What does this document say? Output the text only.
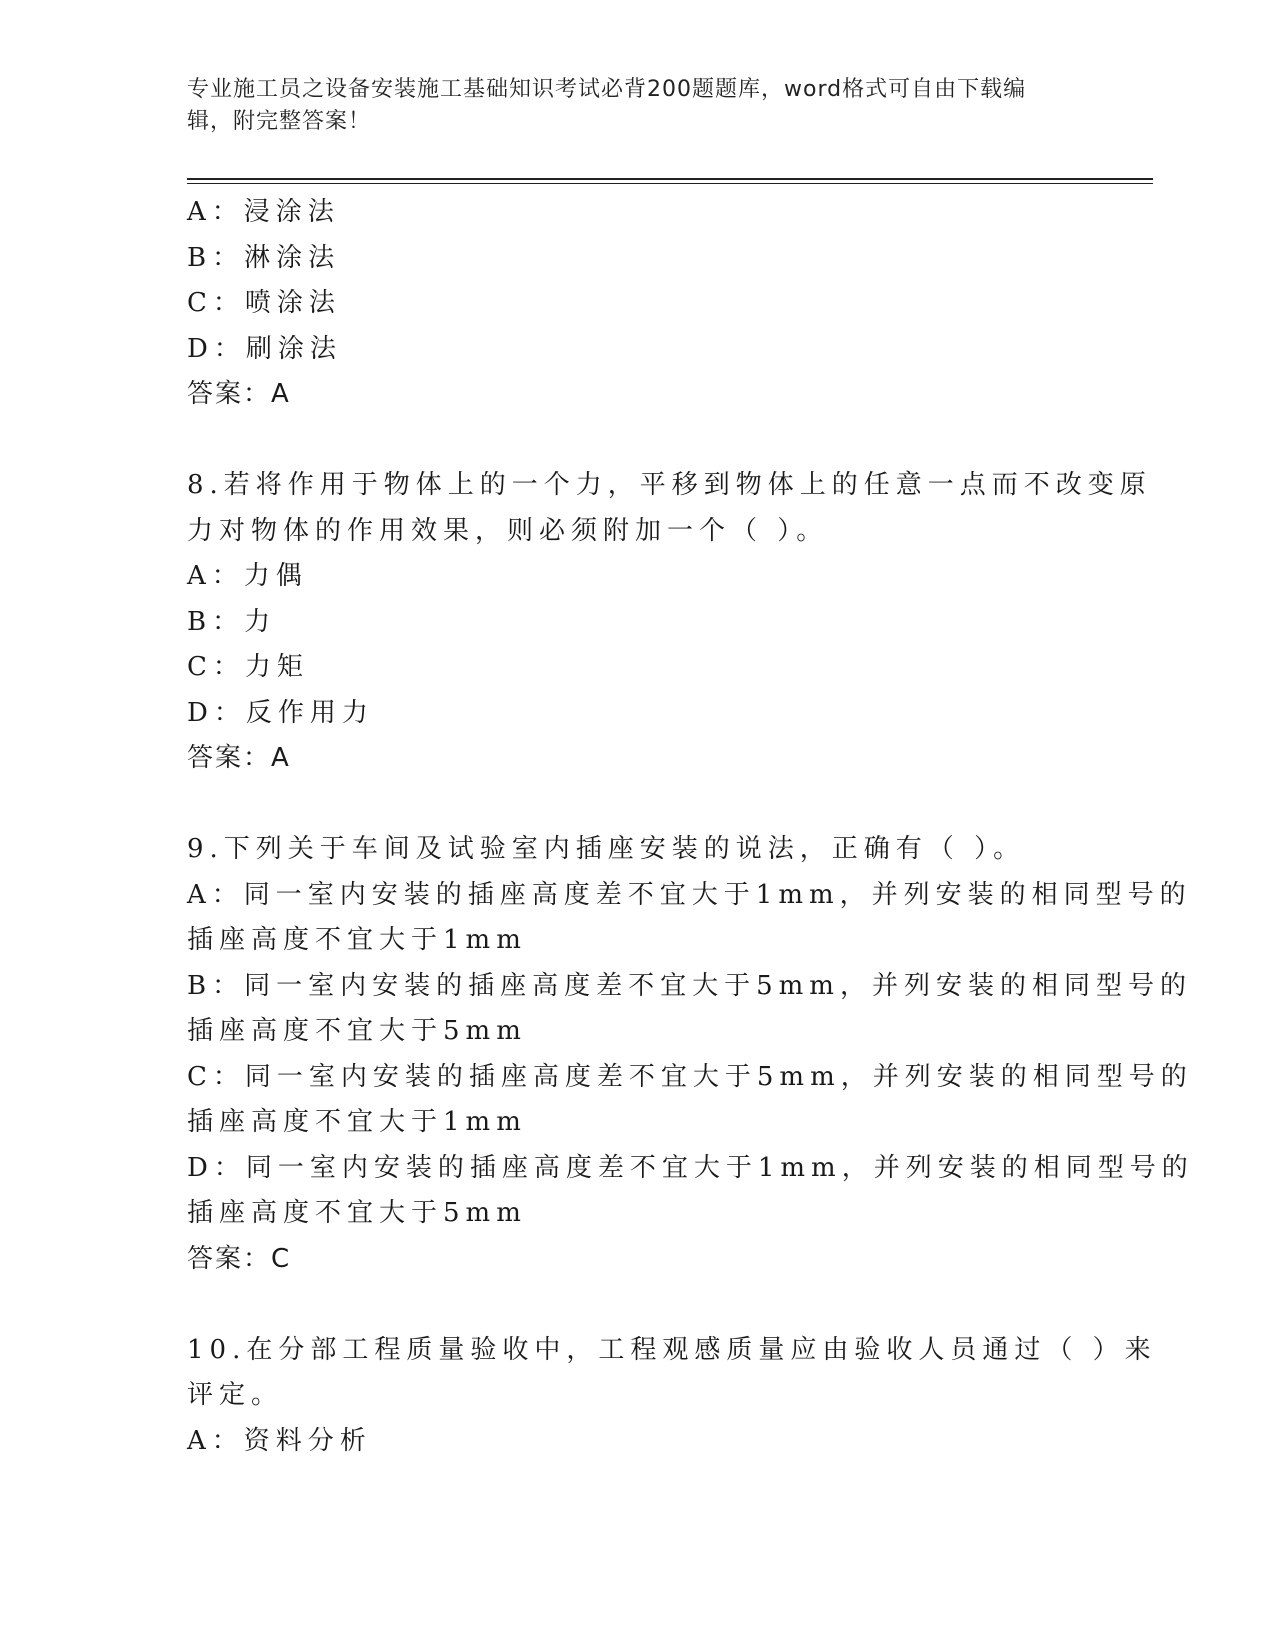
专业施工员之设备安装施工基础知识考试必背200题题库，word格式可自由下载编辑，附完整答案！
A：浸涂法
B：淋涂法
C：喷涂法
D：刷涂法
答案：A
8.若将作用于物体上的一个力，平移到物体上的任意一点而不改变原
力对物体的作用效果，则必须附加一个（ ）。
A：力偶
B：力
C：力矩
D：反作用力
答案：A
9.下列关于车间及试验室内插座安装的说法，正确有（ ）。
A：同一室内安装的插座高度差不宜大于1mm，并列安装的相同型号的
插座高度不宜大于1mm
B：同一室内安装的插座高度差不宜大于5mm，并列安装的相同型号的
插座高度不宜大于5mm
C：同一室内安装的插座高度差不宜大于5mm，并列安装的相同型号的
插座高度不宜大于1mm
D：同一室内安装的插座高度差不宜大于1mm，并列安装的相同型号的
插座高度不宜大于5mm
答案：C
10.在分部工程质量验收中，工程观感质量应由验收人员通过（ ）来
评定。
A：资料分析
